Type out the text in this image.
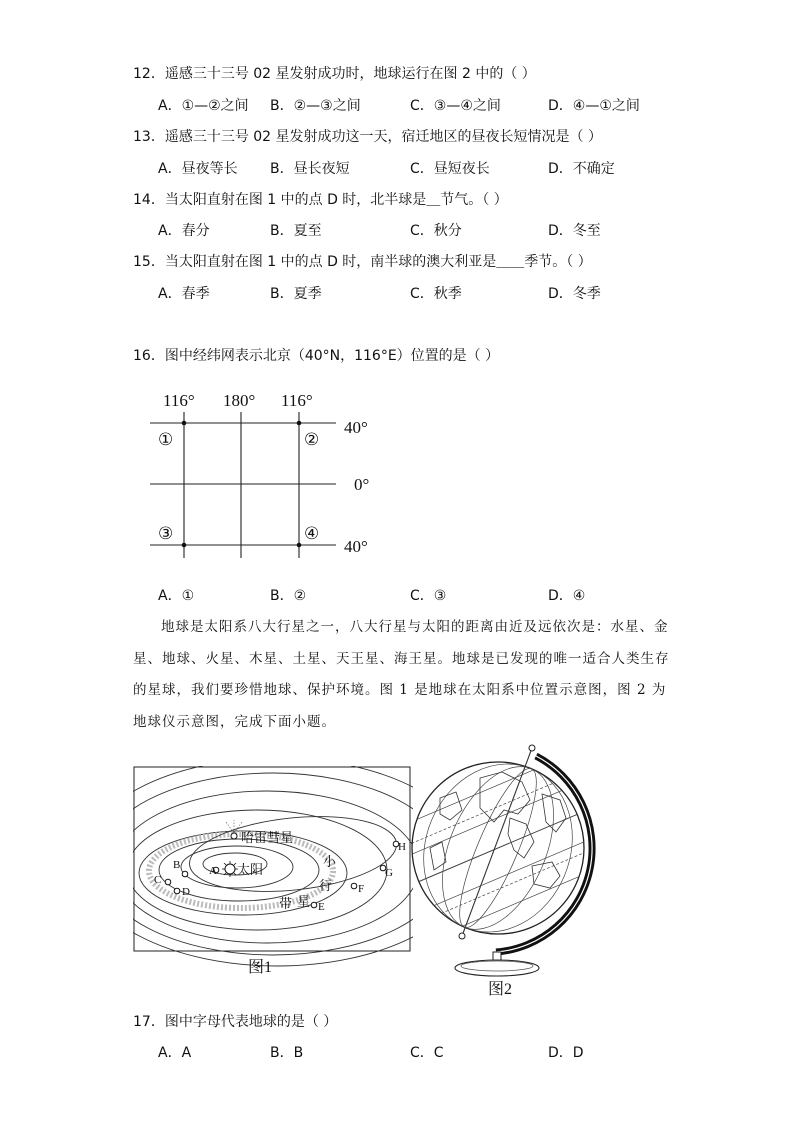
12．遥感三十三号 02 星发射成功时，地球运行在图 2 中的（ ）
A．①—②之间 B．②—③之间	C．③—④之间	D．④—①之间
13．遥感三十三号 02 星发射成功这一天，宿迁地区的昼夜长短情况是（ ）
A．昼夜等长 B．昼长夜短	C．昼短夜长	D．不确定
14．当太阳直射在图 1 中的点 D 时，北半球是＿节气。（ ）
A．春分	B．夏至	C．秋分	D．冬至
15．当太阳直射在图 1 中的点 D 时，南半球的澳大利亚是＿＿季节。（ ）
A．春季	B．夏季	C．秋季	D．冬季
16．图中经纬网表示北京（40°N，116°E）位置的是（ ）
116° 180° 116°
40°
0°
40°
①	②
③	④
A．①	B．②	C．③	D．④

地球是太阳系八大行星之一，八大行星与太阳的距离由近及远依次是：水星、金星、地球、火星、木星、土星、天王星、海王星。地球是已发现的唯一适合人类生存的星球，我们要珍惜地球、保护环境。图 1 是地球在太阳系中位置示意图，图 2 为地球仪示意图，完成下面小题。

太阳
哈雷彗星
小
行
带 星
A
B
C
D
E
F
G
H
图1
图2
17．图中字母代表地球的是（ ）
A．A	B．B	C．C	D．D
